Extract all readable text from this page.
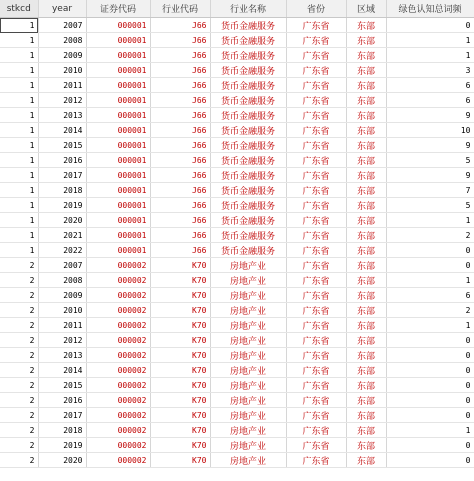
stkcd	year	证券代码	行业代码	行业名称	省份	区域	绿色认知总词频
1	2007	000001	J66	货币金融服务	广东省	东部	0
1	2008	000001	J66	货币金融服务	广东省	东部	1
1	2009	000001	J66	货币金融服务	广东省	东部	1
1	2010	000001	J66	货币金融服务	广东省	东部	3
1	2011	000001	J66	货币金融服务	广东省	东部	6
1	2012	000001	J66	货币金融服务	广东省	东部	6
1	2013	000001	J66	货币金融服务	广东省	东部	9
1	2014	000001	J66	货币金融服务	广东省	东部	10
1	2015	000001	J66	货币金融服务	广东省	东部	9
1	2016	000001	J66	货币金融服务	广东省	东部	5
1	2017	000001	J66	货币金融服务	广东省	东部	9
1	2018	000001	J66	货币金融服务	广东省	东部	7
1	2019	000001	J66	货币金融服务	广东省	东部	5
1	2020	000001	J66	货币金融服务	广东省	东部	1
1	2021	000001	J66	货币金融服务	广东省	东部	2
1	2022	000001	J66	货币金融服务	广东省	东部	0
2	2007	000002	K70	房地产业	广东省	东部	0
2	2008	000002	K70	房地产业	广东省	东部	1
2	2009	000002	K70	房地产业	广东省	东部	6
2	2010	000002	K70	房地产业	广东省	东部	2
2	2011	000002	K70	房地产业	广东省	东部	1
2	2012	000002	K70	房地产业	广东省	东部	0
2	2013	000002	K70	房地产业	广东省	东部	0
2	2014	000002	K70	房地产业	广东省	东部	0
2	2015	000002	K70	房地产业	广东省	东部	0
2	2016	000002	K70	房地产业	广东省	东部	0
2	2017	000002	K70	房地产业	广东省	东部	0
2	2018	000002	K70	房地产业	广东省	东部	1
2	2019	000002	K70	房地产业	广东省	东部	0
2	2020	000002	K70	房地产业	广东省	东部	0
